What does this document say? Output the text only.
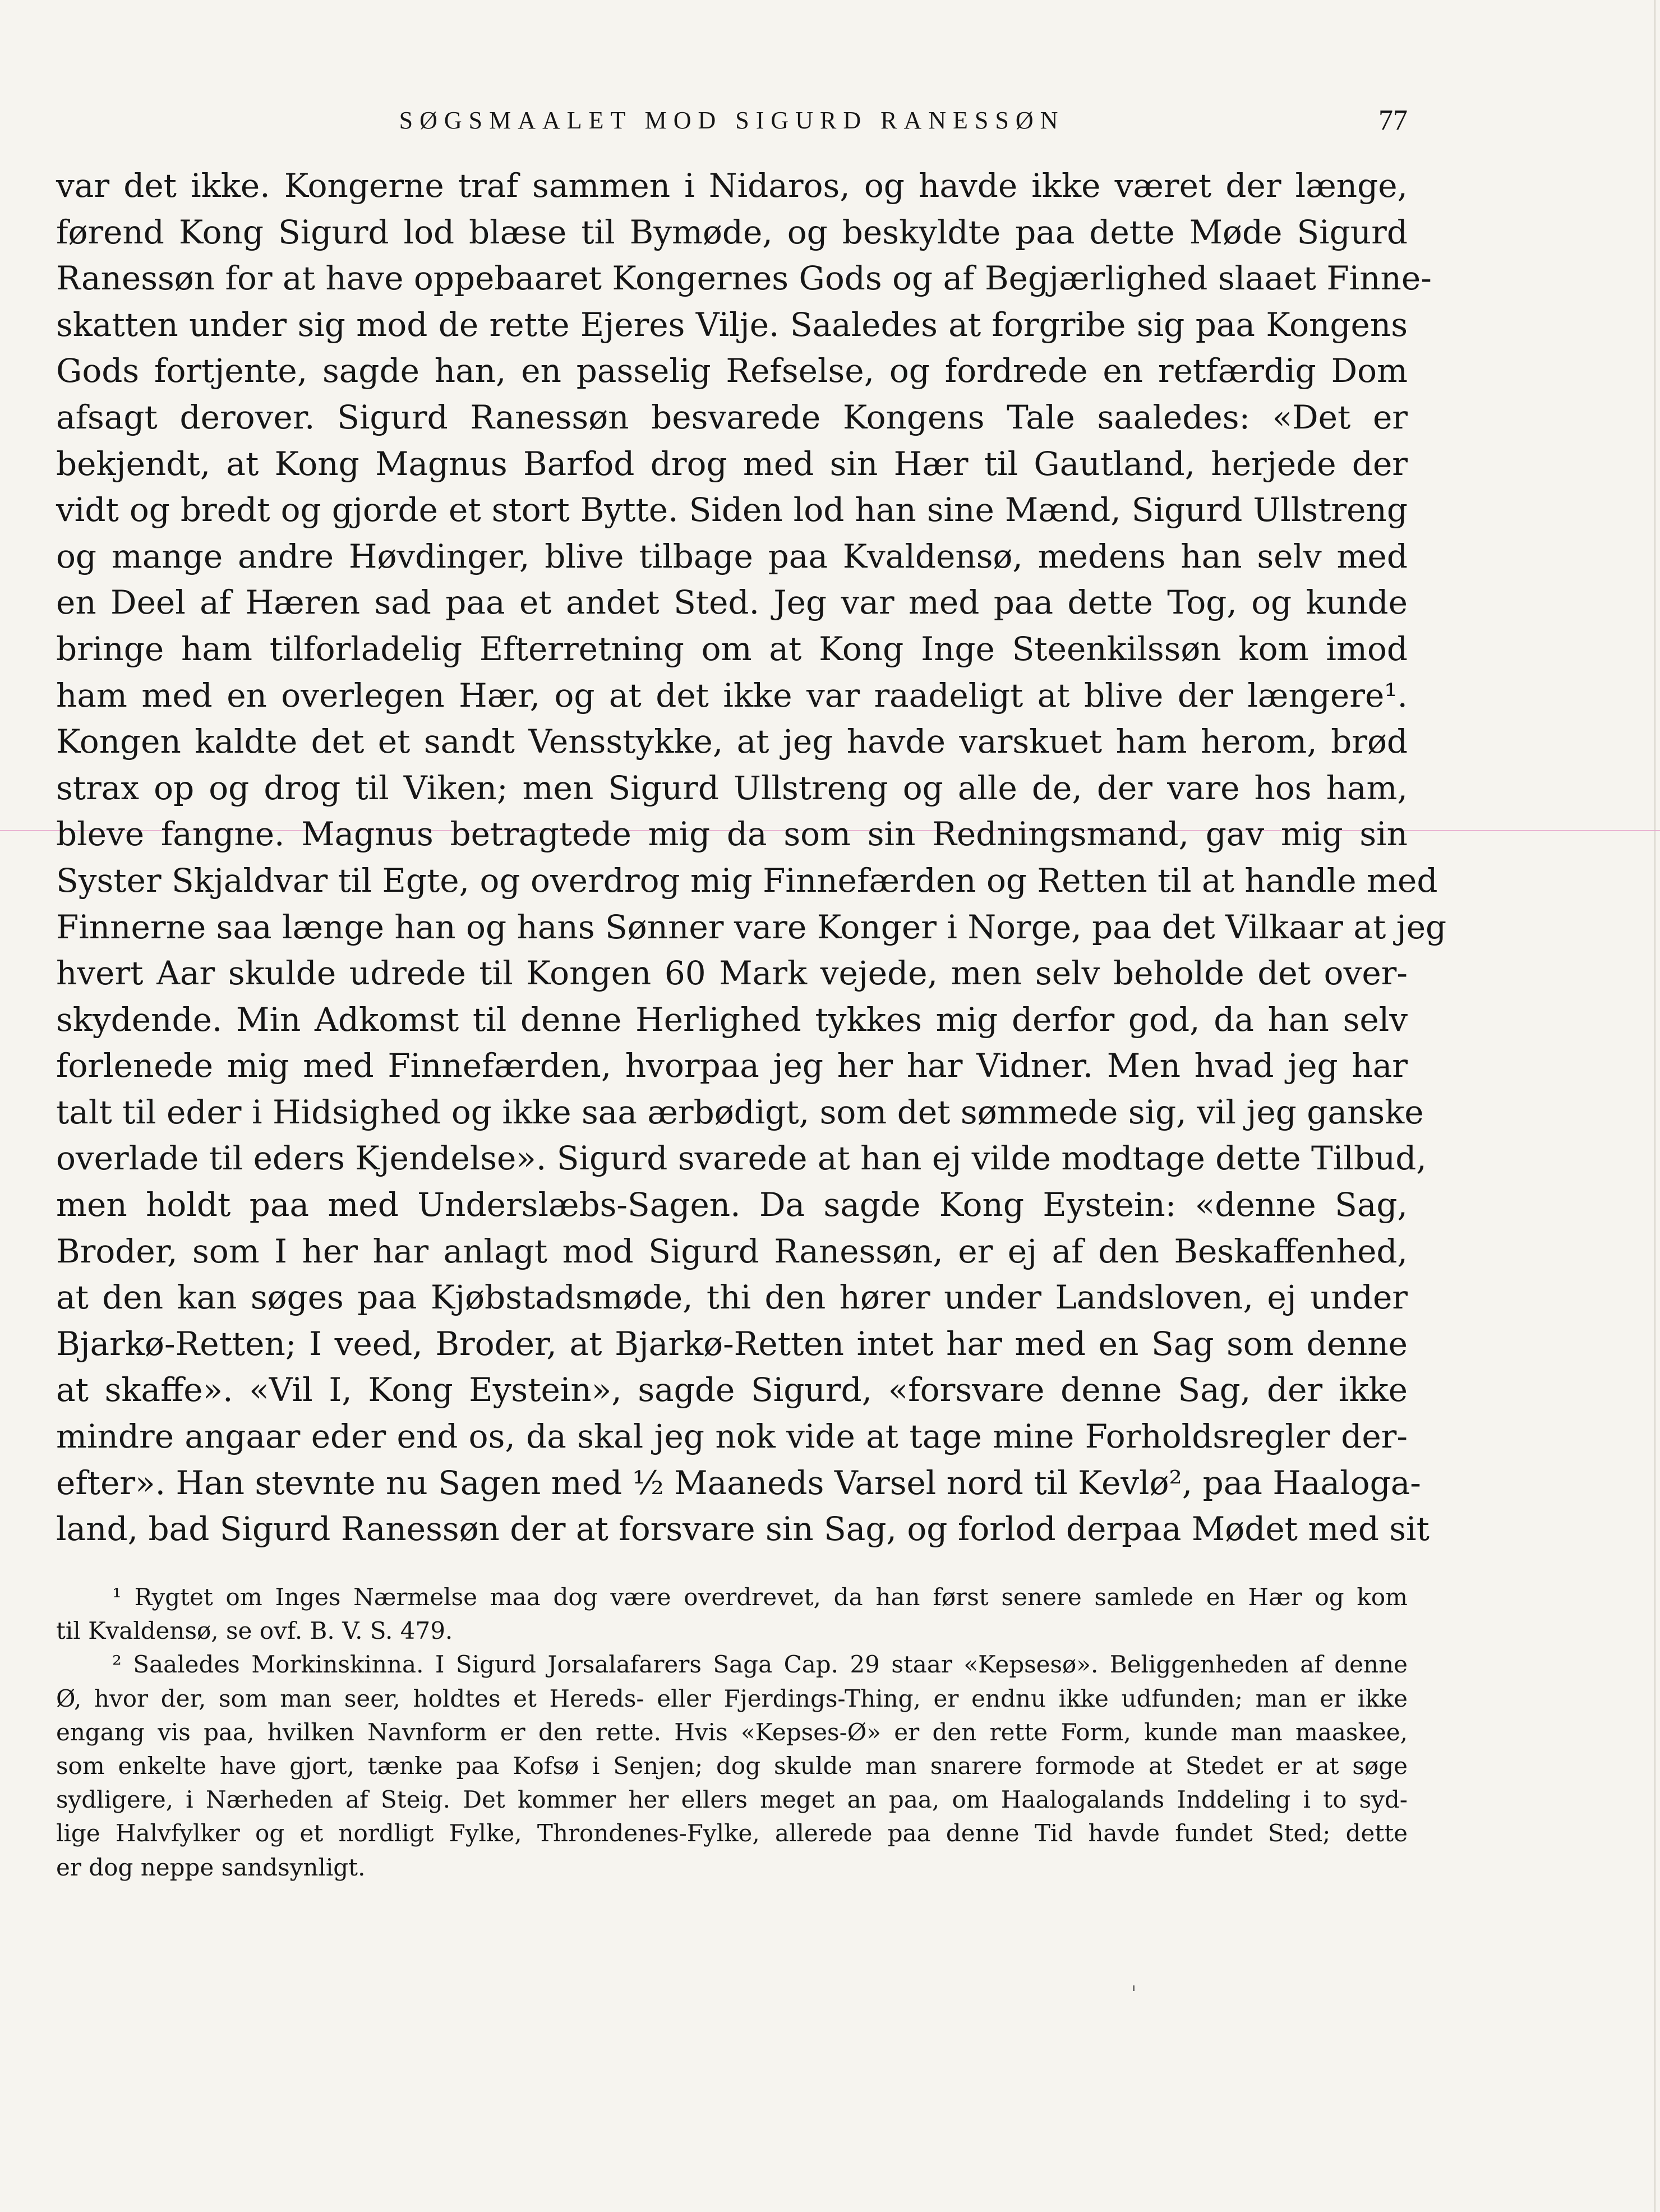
SØGSMAALET MOD SIGURD RANESSØN	77
var det ikke. Kongerne traf sammen i Nidaros, og havde ikke været der længe,
førend Kong Sigurd lod blæse til Bymøde, og beskyldte paa dette Møde Sigurd
Ranessøn for at have oppebaaret Kongernes Gods og af Begjærlighed slaaet Finne-
skatten under sig mod de rette Ejeres Vilje. Saaledes at forgribe sig paa Kongens
Gods fortjente, sagde han, en passelig Refselse, og fordrede en retfærdig Dom
afsagt derover. Sigurd Ranessøn besvarede Kongens Tale saaledes: «Det er
bekjendt, at Kong Magnus Barfod drog med sin Hær til Gautland, herjede der
vidt og bredt og gjorde et stort Bytte. Siden lod han sine Mænd, Sigurd Ullstreng
og mange andre Høvdinger, blive tilbage paa Kvaldensø, medens han selv med
en Deel af Hæren sad paa et andet Sted. Jeg var med paa dette Tog, og kunde
bringe ham tilforladelig Efterretning om at Kong Inge Steenkilssøn kom imod
ham med en overlegen Hær, og at det ikke var raadeligt at blive der længere¹.
Kongen kaldte det et sandt Vensstykke, at jeg havde varskuet ham herom, brød
strax op og drog til Viken; men Sigurd Ullstreng og alle de, der vare hos ham,
bleve fangne. Magnus betragtede mig da som sin Redningsmand, gav mig sin
Syster Skjaldvar til Egte, og overdrog mig Finnefærden og Retten til at handle med
Finnerne saa længe han og hans Sønner vare Konger i Norge, paa det Vilkaar at jeg
hvert Aar skulde udrede til Kongen 60 Mark vejede, men selv beholde det over-
skydende. Min Adkomst til denne Herlighed tykkes mig derfor god, da han selv
forlenede mig med Finnefærden, hvorpaa jeg her har Vidner. Men hvad jeg har
talt til eder i Hidsighed og ikke saa ærbødigt, som det sømmede sig, vil jeg ganske
overlade til eders Kjendelse». Sigurd svarede at han ej vilde modtage dette Tilbud,
men holdt paa med Underslæbs-Sagen. Da sagde Kong Eystein: «denne Sag,
Broder, som I her har anlagt mod Sigurd Ranessøn, er ej af den Beskaffenhed,
at den kan søges paa Kjøbstadsmøde, thi den hører under Landsloven, ej under
Bjarkø-Retten; I veed, Broder, at Bjarkø-Retten intet har med en Sag som denne
at skaffe». «Vil I, Kong Eystein», sagde Sigurd, «forsvare denne Sag, der ikke
mindre angaar eder end os, da skal jeg nok vide at tage mine Forholdsregler der-
efter». Han stevnte nu Sagen med ½ Maaneds Varsel nord til Kevlø², paa Haaloga-
land, bad Sigurd Ranessøn der at forsvare sin Sag, og forlod derpaa Mødet med sit
¹ Rygtet om Inges Nærmelse maa dog være overdrevet, da han først senere samlede en Hær og kom
til Kvaldensø, se ovf. B. V. S. 479.
² Saaledes Morkinskinna. I Sigurd Jorsalafarers Saga Cap. 29 staar «Kepsesø». Beliggenheden af denne
Ø, hvor der, som man seer, holdtes et Hereds- eller Fjerdings-Thing, er endnu ikke udfunden; man er ikke
engang vis paa, hvilken Navnform er den rette. Hvis «Kepses-Ø» er den rette Form, kunde man maaskee,
som enkelte have gjort, tænke paa Kofsø i Senjen; dog skulde man snarere formode at Stedet er at søge
sydligere, i Nærheden af Steig. Det kommer her ellers meget an paa, om Haalogalands Inddeling i to syd-
lige Halvfylker og et nordligt Fylke, Throndenes-Fylke, allerede paa denne Tid havde fundet Sted; dette
er dog neppe sandsynligt.
